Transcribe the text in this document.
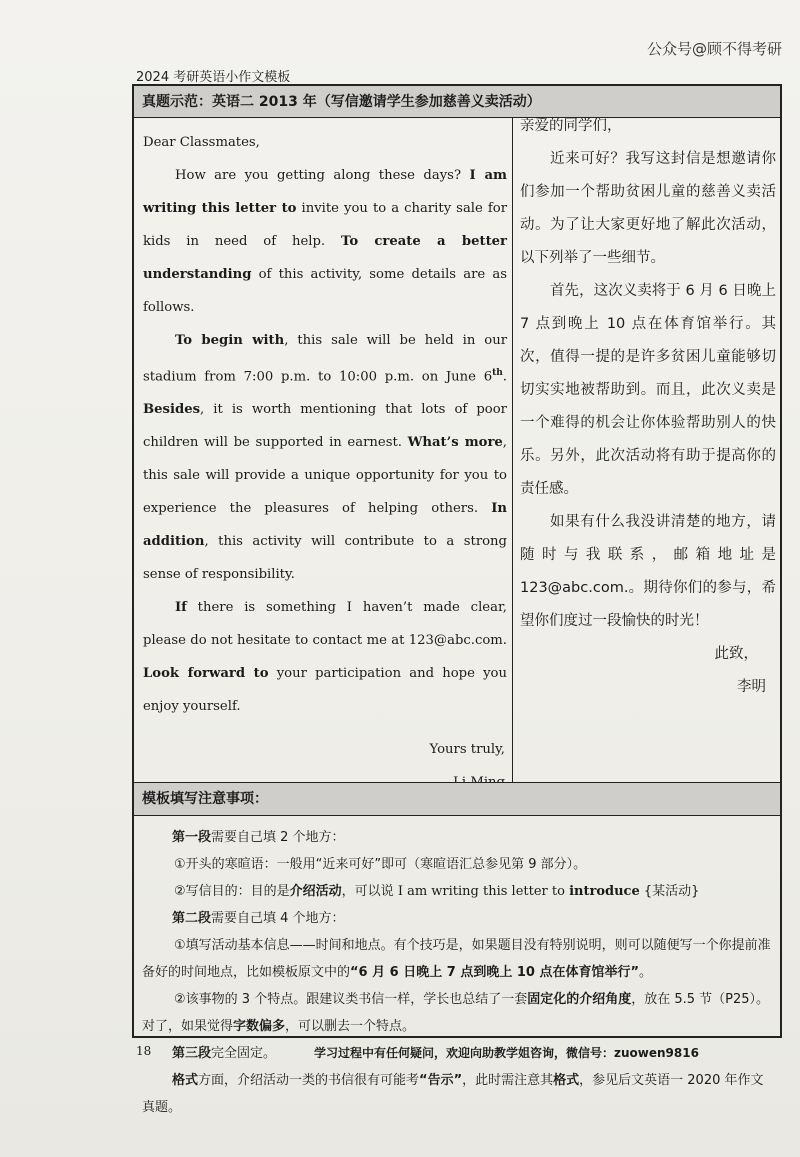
公众号@顾不得考研
2024 考研英语小作文模板
真题示范：英语二 2013 年（写信邀请学生参加慈善义卖活动）

Dear Classmates,

How are you getting along these days? I am writing this letter to invite you to a charity sale for kids in need of help. To create a better understanding of this activity, some details are as follows.

To begin with, this sale will be held in our stadium from 7:00 p.m. to 10:00 p.m. on June 6th. Besides, it is worth mentioning that lots of poor children will be supported in earnest. What’s more, this sale will provide a unique opportunity for you to experience the pleasures of helping others. In addition, this activity will contribute to a strong sense of responsibility.

If there is something I haven’t made clear, please do not hesitate to contact me at 123@abc.com. Look forward to your participation and hope you enjoy yourself.

Yours truly,

亲爱的同学们，

近来可好？我写这封信是想邀请你们参加一个帮助贫困儿童的慈善义卖活动。为了让大家更好地了解此次活动，以下列举了一些细节。

首先，这次义卖将于 6 月 6 日晚上 7 点到晚上 10 点在体育馆举行。其次，值得一提的是许多贫困儿童能够切切实实地被帮助到。而且，此次义卖是一个难得的机会让你体验帮助别人的快乐。另外，此次活动将有助于提高你的责任感。

如果有什么我没讲清楚的地方，请随时与我联系，邮箱地址是 123@abc.com.。期待你们的参与，希望你们度过一段愉快的时光！

此致，

李明

模板填写注意事项：

第一段需要自己填 2 个地方：

①开头的寒暄语：一般用“近来可好”即可（寒暄语汇总参见第 9 部分）。

②写信目的：目的是介绍活动，可以说 I am writing this letter to introduce {某活动}

第二段需要自己填 4 个地方：

①填写活动基本信息——时间和地点。有个技巧是，如果题目没有特别说明，则可以随便写一个你提前准备好的时间地点，比如模板原文中的“6 月 6 日晚上 7 点到晚上 10 点在体育馆举行”。

②该事物的 3 个特点。跟建议类书信一样，学长也总结了一套固定化的介绍角度，放在 5.5 节（P25）。对了，如果觉得字数偏多，可以删去一个特点。

第三段完全固定。

格式方面，介绍活动一类的书信很有可能考“告示”，此时需注意其格式，参见后文英语一 2020 年作文真题。

18	学习过程中有任何疑问，欢迎向助教学姐咨询，微信号：zuowen9816
